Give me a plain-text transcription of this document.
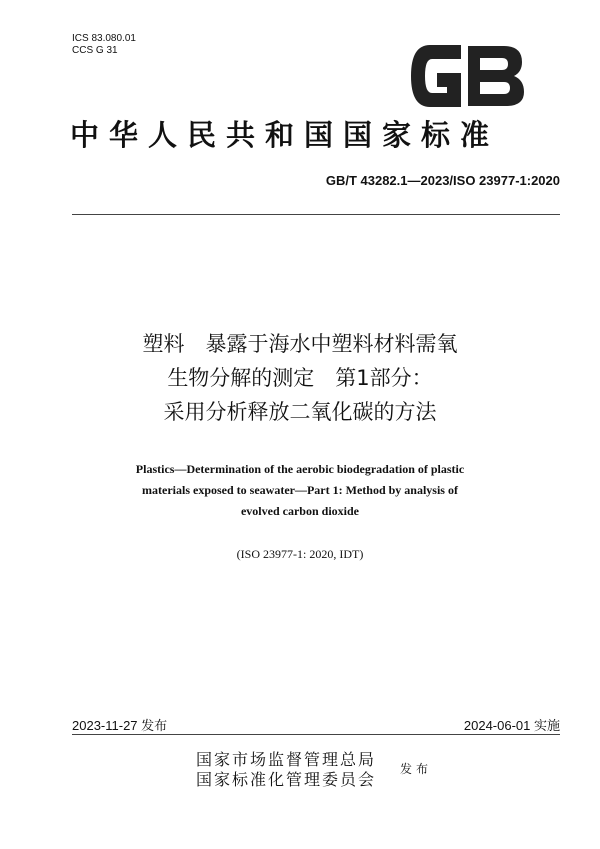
ICS 83.080.01
CCS G 31
中华人民共和国国家标准
GB/T 43282.1—2023/ISO 23977-1:2020
塑料　暴露于海水中塑料材料需氧
生物分解的测定　第1部分：
采用分析释放二氧化碳的方法
Plastics—Determination of the aerobic biodegradation of plastic
materials exposed to seawater—Part 1: Method by analysis of
evolved carbon dioxide
(ISO 23977-1: 2020, IDT)
2023-11-27 发布	2024-06-01 实施
国家市场监督管理总局
国家标准化管理委员会
发布
